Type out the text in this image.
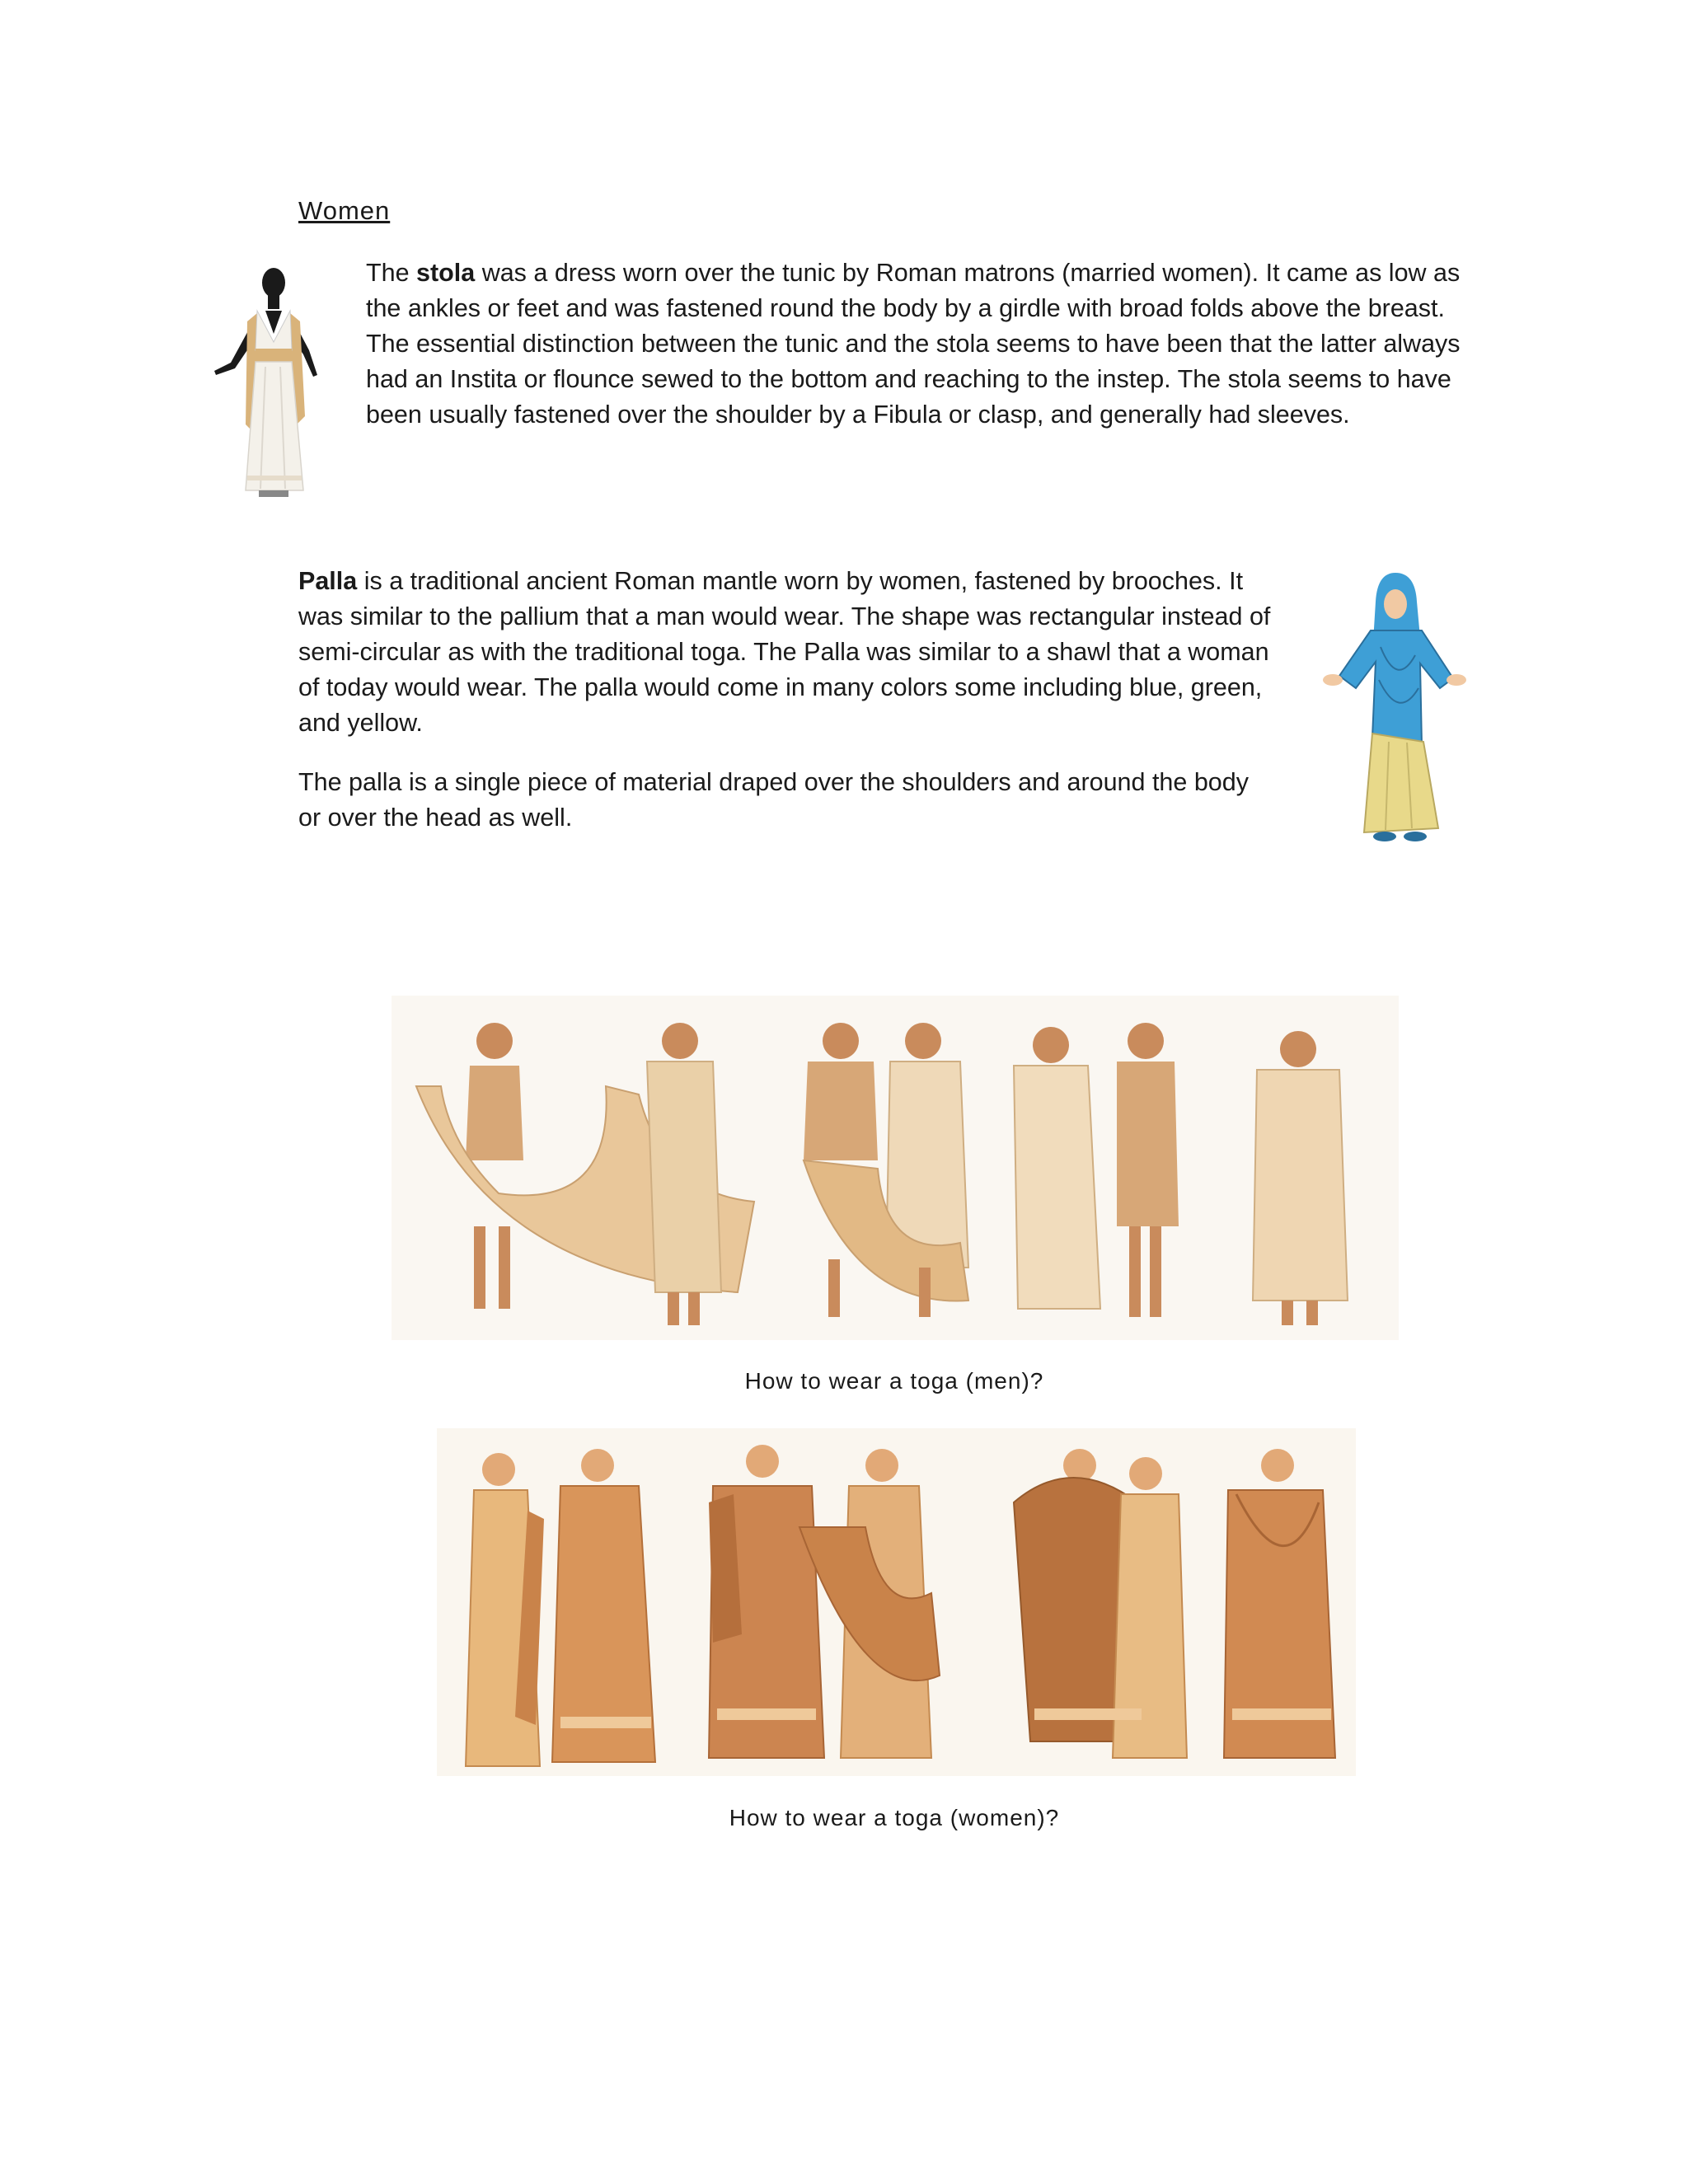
Women

The stola was a dress worn over the tunic by Roman matrons (married women). It came as low as the ankles or feet and was fastened round the body by a girdle with broad folds above the breast. The essential distinction between the tunic and the stola seems to have been that the latter always had an Instita or flounce sewed to the bottom and reaching to the instep. The stola seems to have been usually fastened over the shoulder by a Fibula or clasp, and generally had sleeves.

Palla is a traditional ancient Roman mantle worn by women, fastened by brooches. It was similar to the pallium that a man would wear. The shape was rectangular instead of semi-circular as with the traditional toga. The Palla was similar to a shawl that a woman of today would wear. The palla would come in many colors some including blue, green, and yellow.

The palla is a single piece of material draped over the shoulders and around the body or over the head as well.

How to wear a toga (men)?
How to wear a toga (women)?
